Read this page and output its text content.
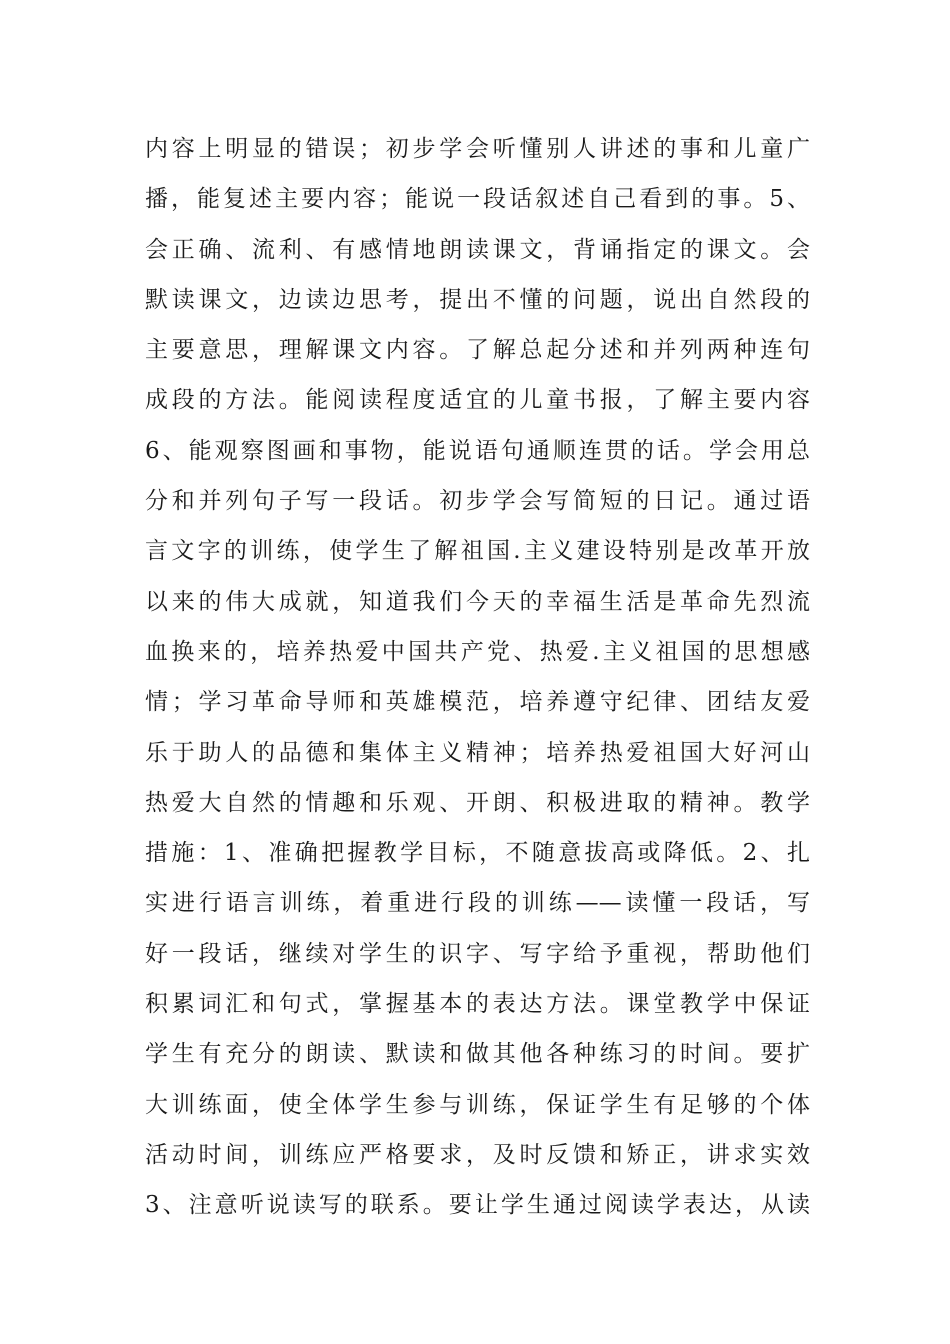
内容上明显的错误；初步学会听懂别人讲述的事和儿童广
播，能复述主要内容；能说一段话叙述自己看到的事。5、
会正确、流利、有感情地朗读课文，背诵指定的课文。会
默读课文，边读边思考，提出不懂的问题，说出自然段的
主要意思，理解课文内容。了解总起分述和并列两种连句
成段的方法。能阅读程度适宜的儿童书报，了解主要内容
6、能观察图画和事物，能说语句通顺连贯的话。学会用总
分和并列句子写一段话。初步学会写简短的日记。通过语
言文字的训练，使学生了解祖国.主义建设特别是改革开放
以来的伟大成就，知道我们今天的幸福生活是革命先烈流
血换来的，培养热爱中国共产党、热爱.主义祖国的思想感
情；学习革命导师和英雄模范，培养遵守纪律、团结友爱
乐于助人的品德和集体主义精神；培养热爱祖国大好河山
热爱大自然的情趣和乐观、开朗、积极进取的精神。教学
措施：1、准确把握教学目标，不随意拔高或降低。2、扎
实进行语言训练，着重进行段的训练——读懂一段话，写
好一段话，继续对学生的识字、写字给予重视，帮助他们
积累词汇和句式，掌握基本的表达方法。课堂教学中保证
学生有充分的朗读、默读和做其他各种练习的时间。要扩
大训练面，使全体学生参与训练，保证学生有足够的个体
活动时间，训练应严格要求，及时反馈和矫正，讲求实效
3、注意听说读写的联系。要让学生通过阅读学表达，从读
